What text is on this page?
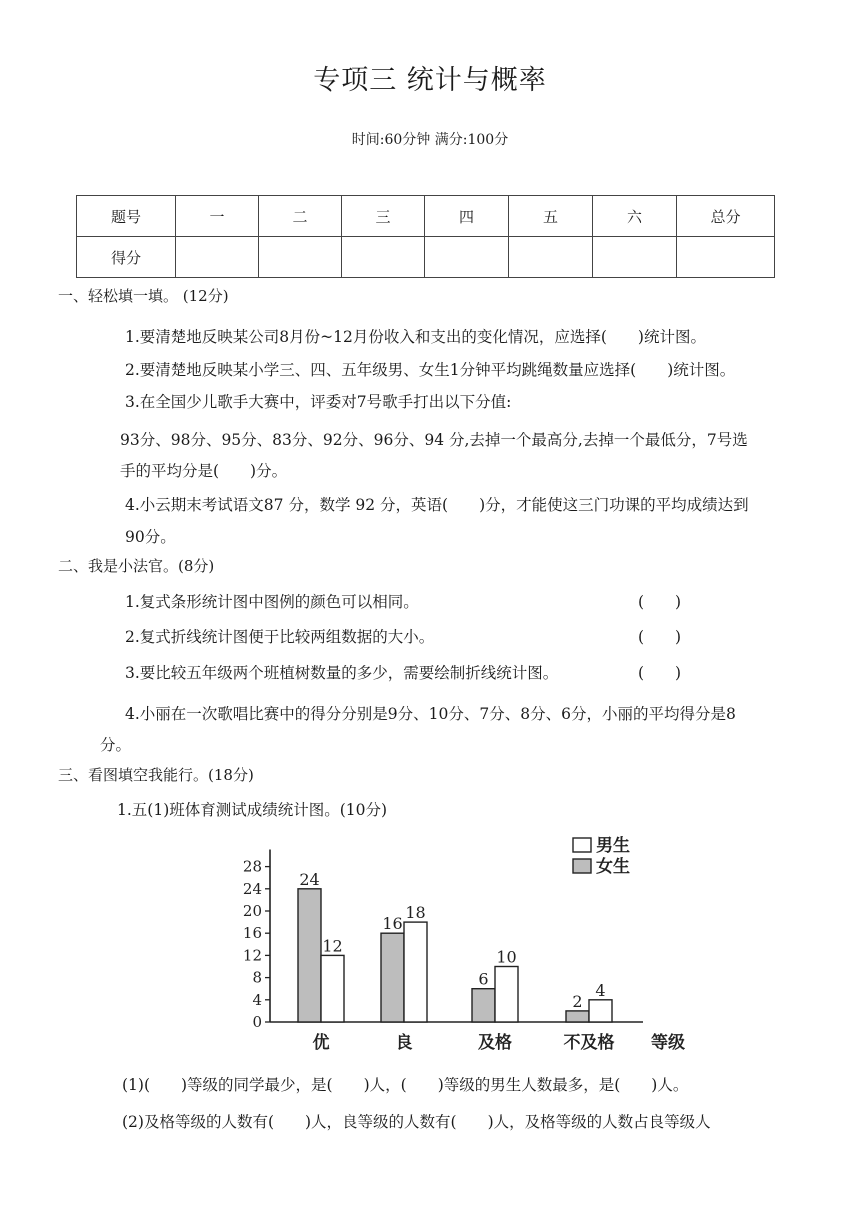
专项三 统计与概率
时间:60分钟 满分:100分
题号	一	二	三	四	五	六	总分
得分							
一、轻松填一填。 (12分)
1.要清楚地反映某公司8月份~12月份收入和支出的变化情况，应选择(　　)统计图。
2.要清楚地反映某小学三、四、五年级男、女生1分钟平均跳绳数量应选择(　　)统计图。
3.在全国少儿歌手大赛中，评委对7号歌手打出以下分值:
93分、98分、95分、83分、92分、96分、94 分,去掉一个最高分,去掉一个最低分，7号选
手的平均分是(　　)分。
4.小云期末考试语文87 分，数学 92 分，英语(　　)分，才能使这三门功课的平均成绩达到
90分。
二、我是小法官。(8分)
1.复式条形统计图中图例的颜色可以相同。	(　　)
2.复式折线统计图便于比较两组数据的大小。	(　　)
3.要比较五年级两个班植树数量的多少，需要绘制折线统计图。	(　　)
4.小丽在一次歌唱比赛中的得分分别是9分、10分、7分、8分、6分，小丽的平均得分是8
分。
三、看图填空我能行。(18分)
1.五(1)班体育测试成绩统计图。(10分)
0
4
8
12
16
20
24
28
24
12
优
16
18
良
6
10
及格
2
4
不及格 等级
男生
女生
(1)(　　)等级的同学最少，是(　　)人，(　　)等级的男生人数最多，是(　　)人。
(2)及格等级的人数有(　　)人，良等级的人数有(　　)人，及格等级的人数占良等级人
